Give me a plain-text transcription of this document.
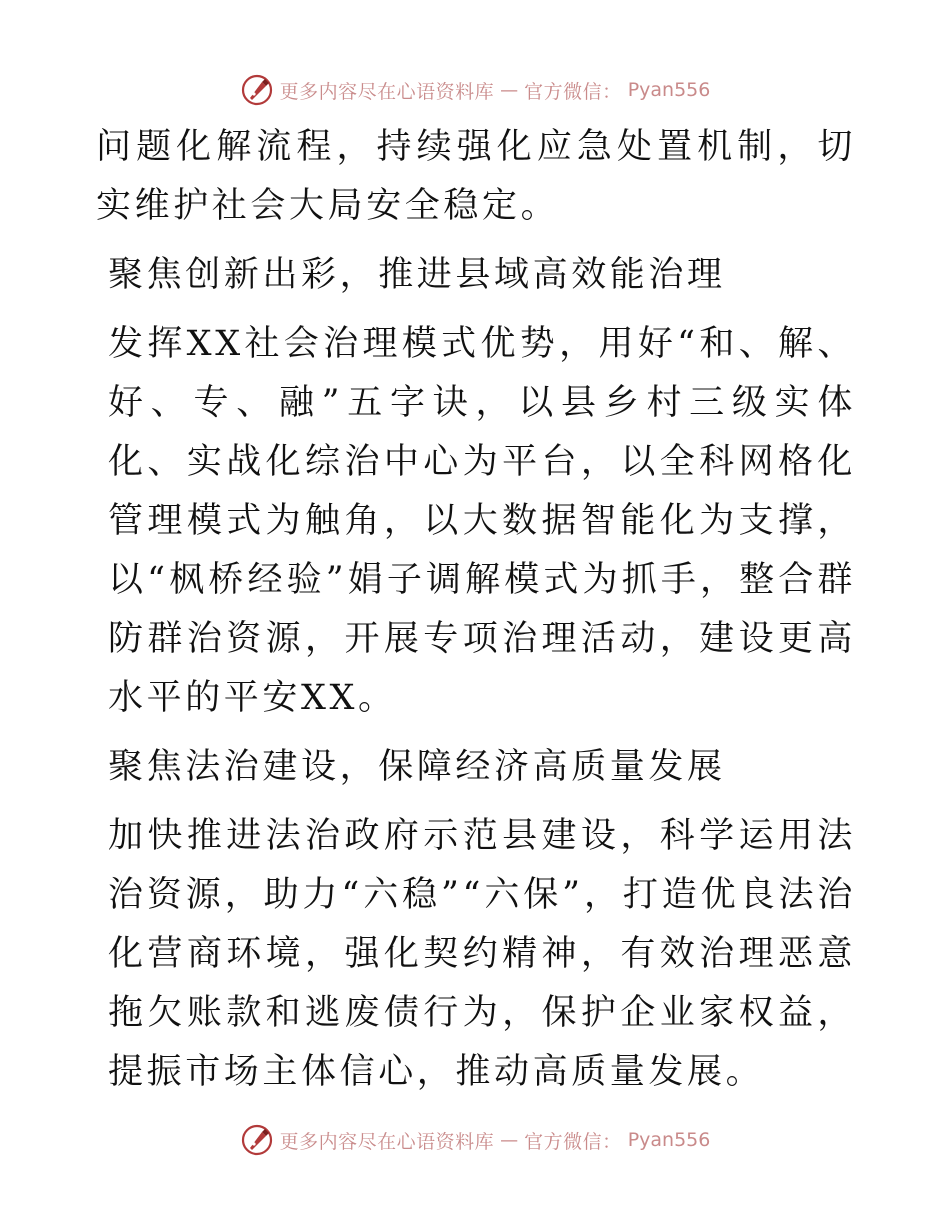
更多内容尽在心语资料库 — 官方微信： Pyan556

问题化解流程，持续强化应急处置机制，切实维护社会大局安全稳定。

聚焦创新出彩，推进县域高效能治理

发挥XX社会治理模式优势，用好“和、解、好、专、融”五字诀，以县乡村三级实体化、实战化综治中心为平台，以全科网格化管理模式为触角，以大数据智能化为支撑，以“枫桥经验”娟子调解模式为抓手，整合群防群治资源，开展专项治理活动，建设更高水平的平安XX。

聚焦法治建设，保障经济高质量发展

加快推进法治政府示范县建设，科学运用法治资源，助力“六稳”“六保”，打造优良法治化营商环境，强化契约精神，有效治理恶意拖欠账款和逃废债行为，保护企业家权益，提振市场主体信心，推动高质量发展。

更多内容尽在心语资料库 — 官方微信： Pyan556
